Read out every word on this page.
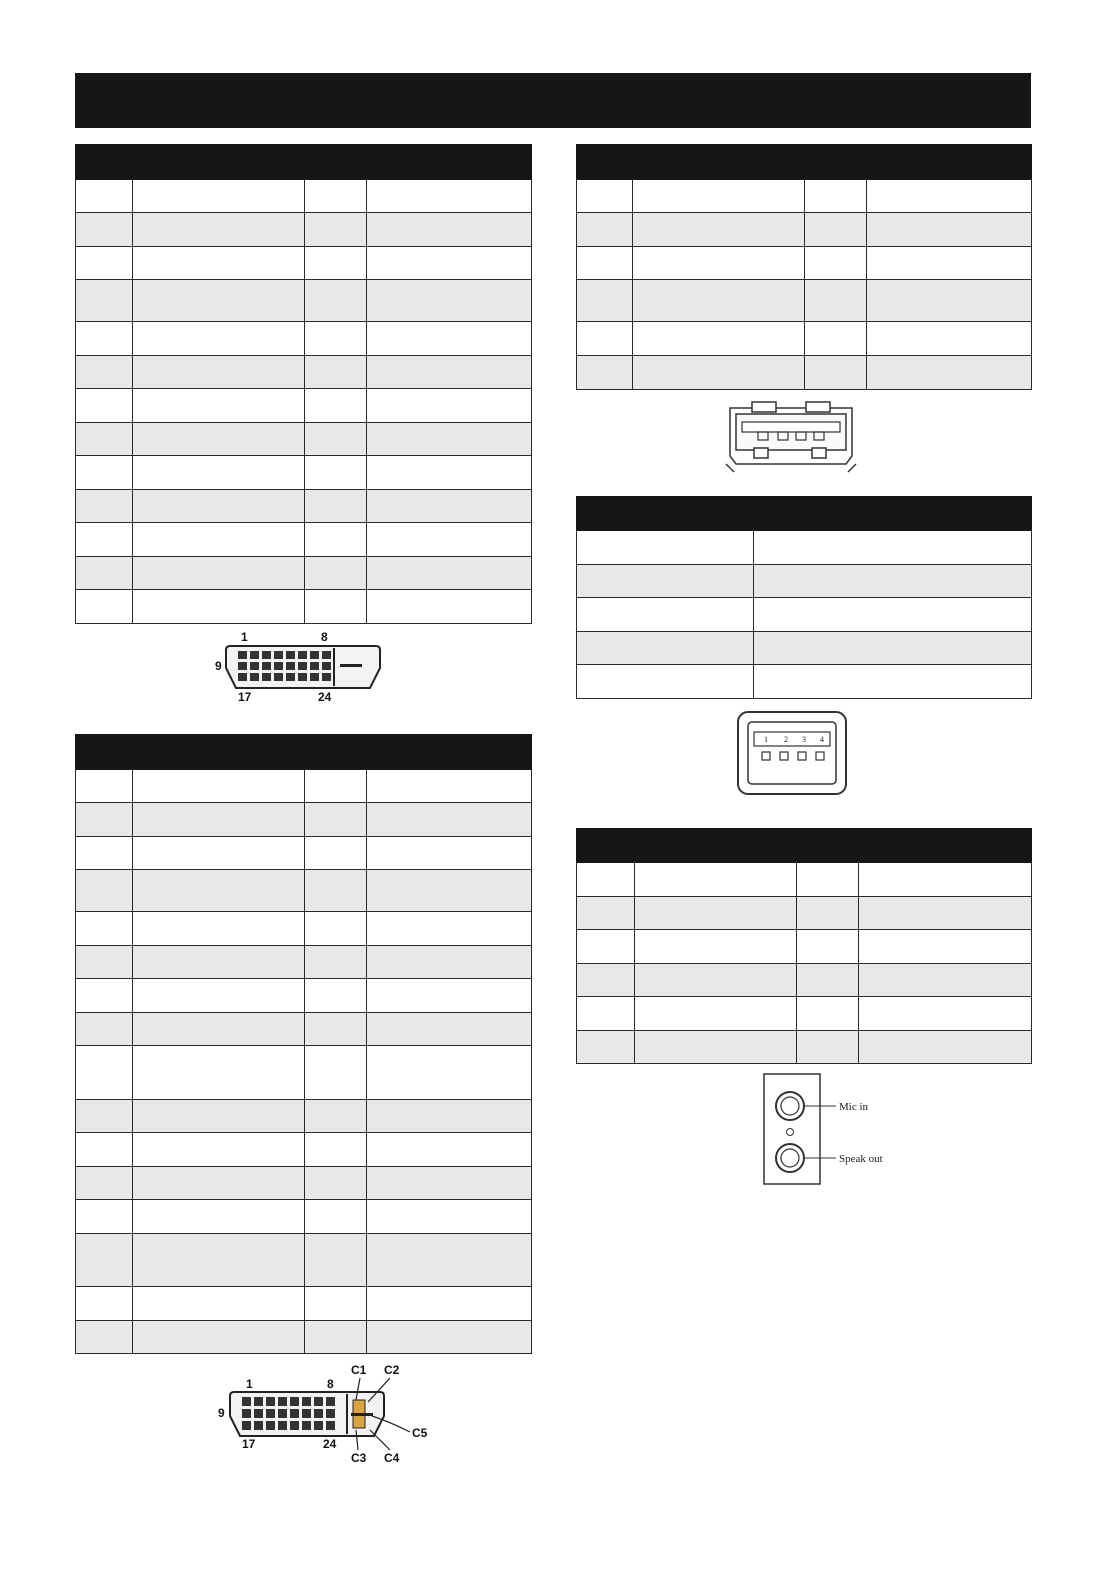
1	8
9
17	24

1	8
9
17	24
C1 C2
C3 C4
C5

1 2 3 4

Mic in
Speak out
